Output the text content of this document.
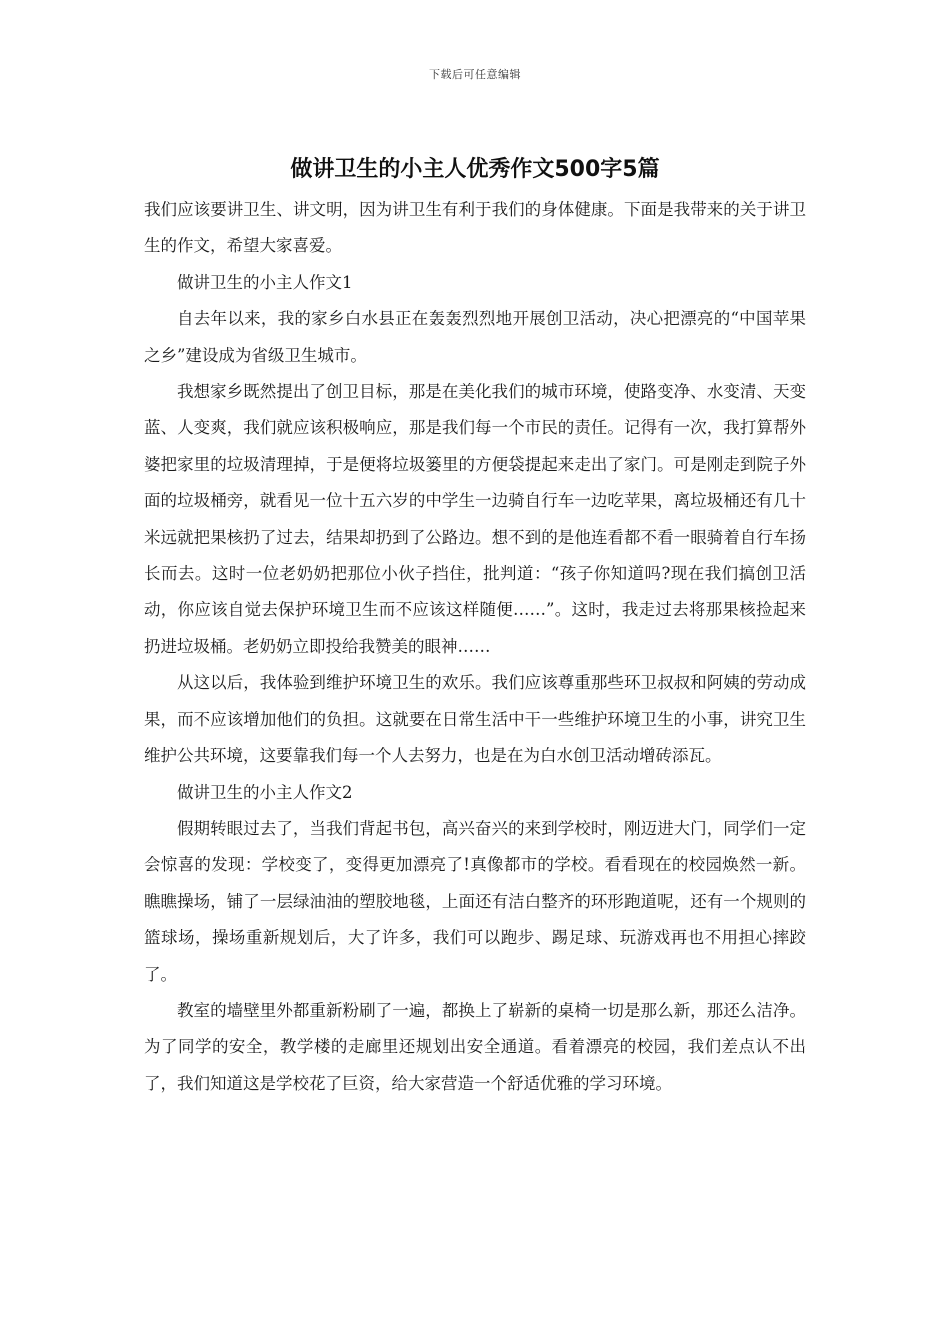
下载后可任意编辑
做讲卫生的小主人优秀作文500字5篇

我们应该要讲卫生、讲文明，因为讲卫生有利于我们的身体健康。下面是我带来的关于讲卫生的作文，希望大家喜爱。

做讲卫生的小主人作文1

自去年以来，我的家乡白水县正在轰轰烈烈地开展创卫活动，决心把漂亮的“中国苹果之乡”建设成为省级卫生城市。

我想家乡既然提出了创卫目标，那是在美化我们的城市环境，使路变净、水变清、天变蓝、人变爽，我们就应该积极响应，那是我们每一个市民的责任。记得有一次，我打算帮外婆把家里的垃圾清理掉，于是便将垃圾篓里的方便袋提起来走出了家门。可是刚走到院子外面的垃圾桶旁，就看见一位十五六岁的中学生一边骑自行车一边吃苹果，离垃圾桶还有几十米远就把果核扔了过去，结果却扔到了公路边。想不到的是他连看都不看一眼骑着自行车扬长而去。这时一位老奶奶把那位小伙子挡住，批判道：“孩子你知道吗?现在我们搞创卫活动，你应该自觉去保护环境卫生而不应该这样随便……”。这时，我走过去将那果核捡起来扔进垃圾桶。老奶奶立即投给我赞美的眼神……

从这以后，我体验到维护环境卫生的欢乐。我们应该尊重那些环卫叔叔和阿姨的劳动成果，而不应该增加他们的负担。这就要在日常生活中干一些维护环境卫生的小事，讲究卫生维护公共环境，这要靠我们每一个人去努力，也是在为白水创卫活动增砖添瓦。

做讲卫生的小主人作文2

假期转眼过去了，当我们背起书包，高兴奋兴的来到学校时，刚迈进大门，同学们一定会惊喜的发现：学校变了，变得更加漂亮了!真像都市的学校。看看现在的校园焕然一新。瞧瞧操场，铺了一层绿油油的塑胶地毯，上面还有洁白整齐的环形跑道呢，还有一个规则的篮球场，操场重新规划后，大了许多，我们可以跑步、踢足球、玩游戏再也不用担心摔跤了。

教室的墙壁里外都重新粉刷了一遍，都换上了崭新的桌椅一切是那么新，那还么洁净。为了同学的安全，教学楼的走廊里还规划出安全通道。看着漂亮的校园，我们差点认不出了，我们知道这是学校花了巨资，给大家营造一个舒适优雅的学习环境。
